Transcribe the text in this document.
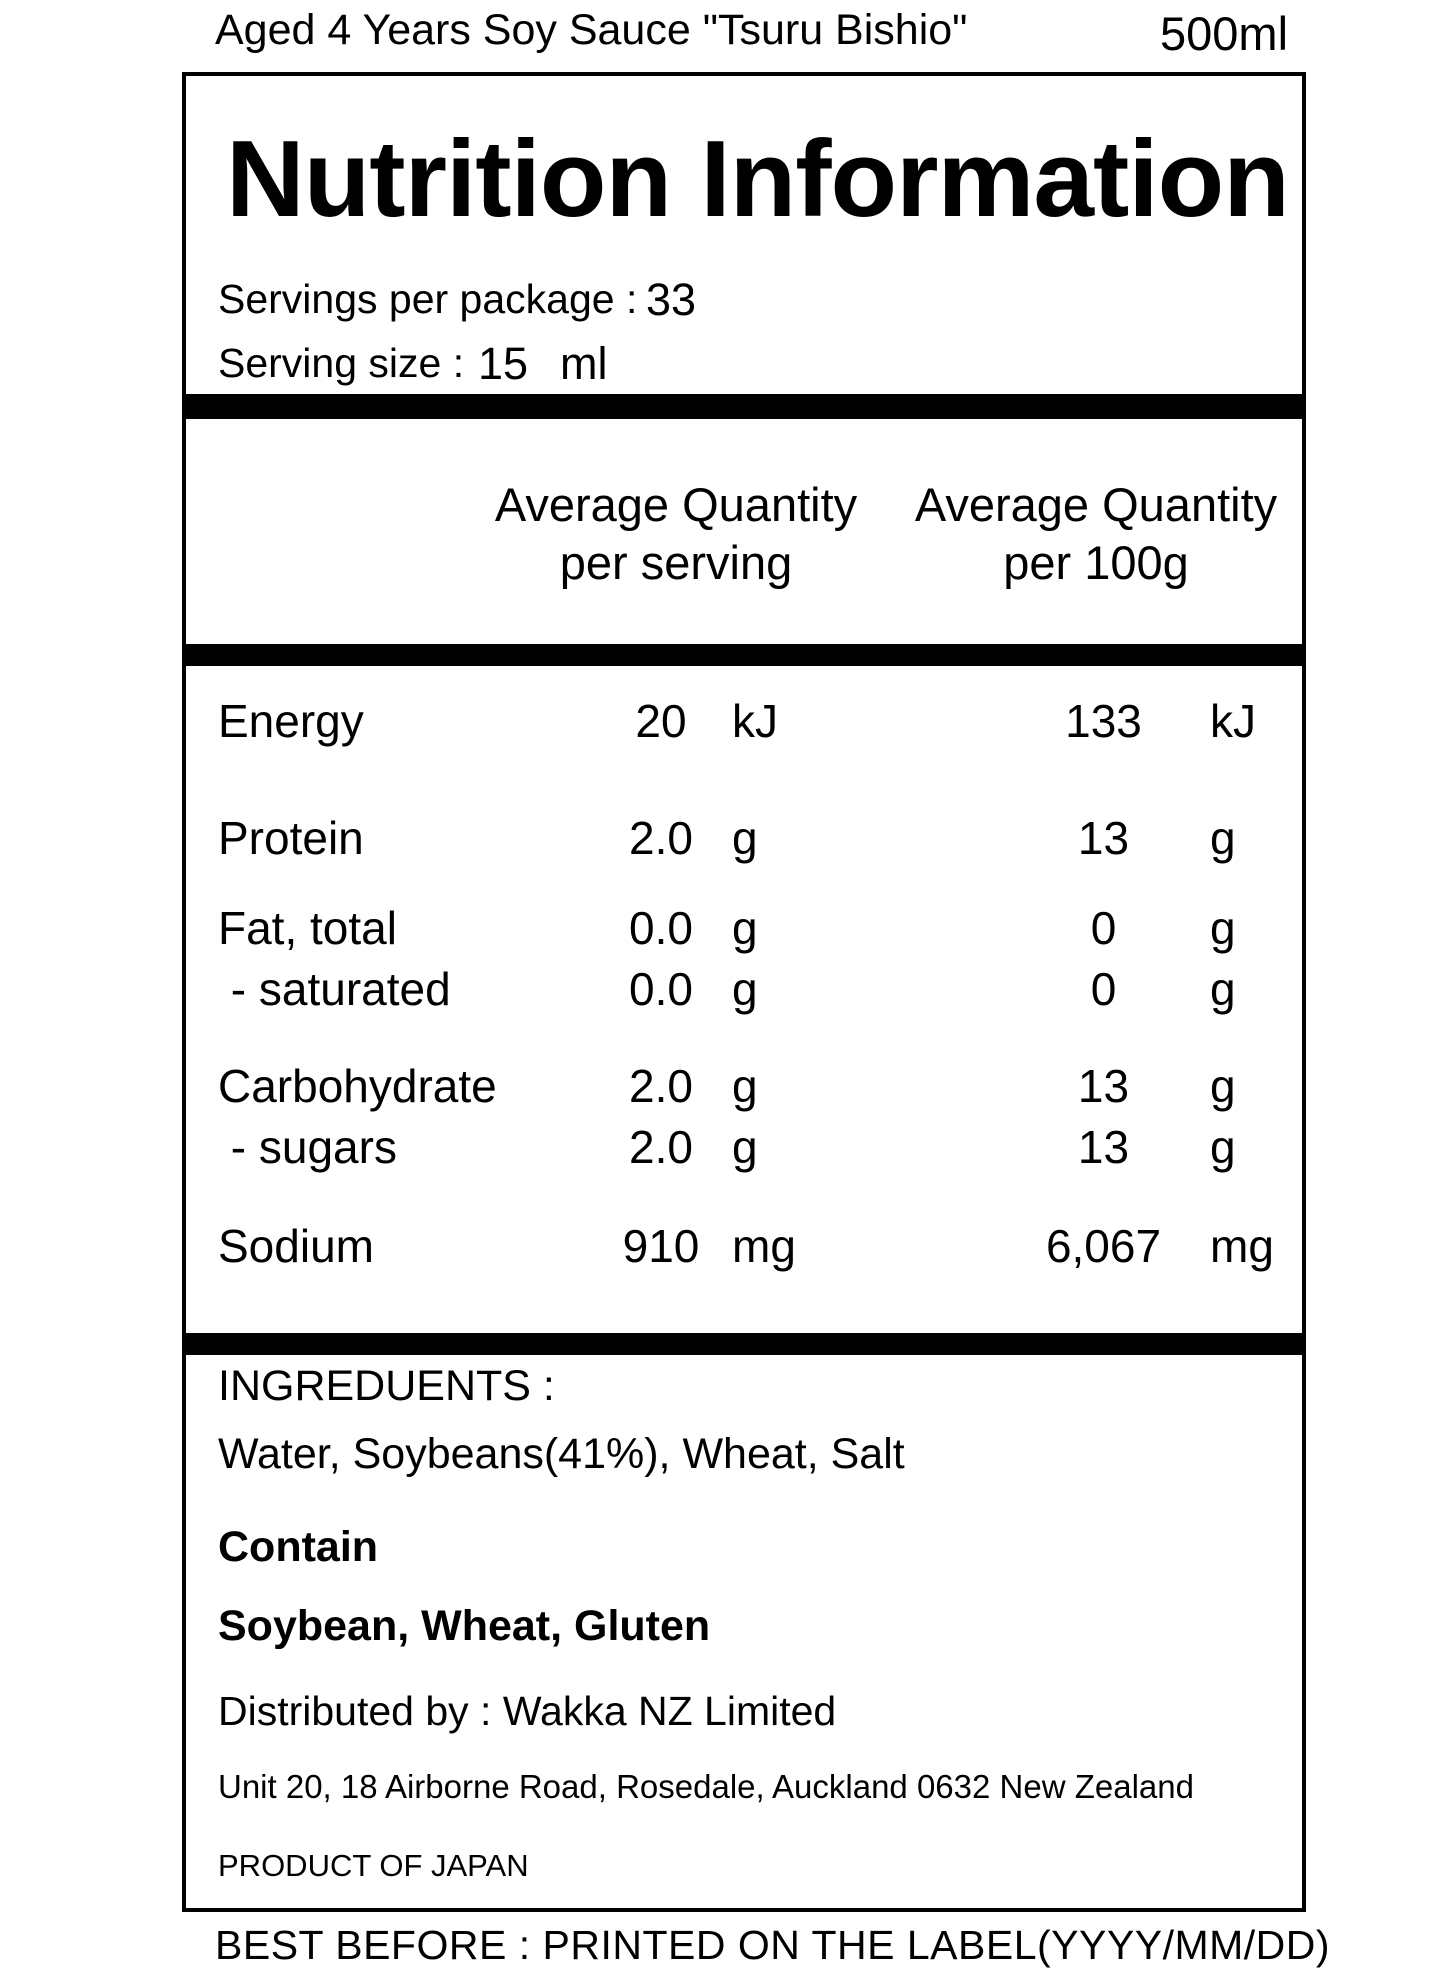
Aged 4 Years Soy Sauce "Tsuru Bishio"	500ml
Nutrition Information
Servings per package : 33
Serving size : 15 ml
Average Quantity
per serving
Average Quantity
per 100g
Energy	20 kJ	133	kJ
Protein	2.0 g	13	g
Fat, total	0.0 g	0	g
- saturated	0.0 g	0	g
Carbohydrate	2.0 g	13	g
- sugars	2.0 g	13	g
Sodium	910 mg	6,067	mg
INGREDUENTS :
Water, Soybeans(41%), Wheat, Salt
Contain
Soybean, Wheat, Gluten
Distributed by : Wakka NZ Limited
Unit 20, 18 Airborne Road, Rosedale, Auckland 0632 New Zealand
PRODUCT OF JAPAN
BEST BEFORE : PRINTED ON THE LABEL(YYYY/MM/DD)
